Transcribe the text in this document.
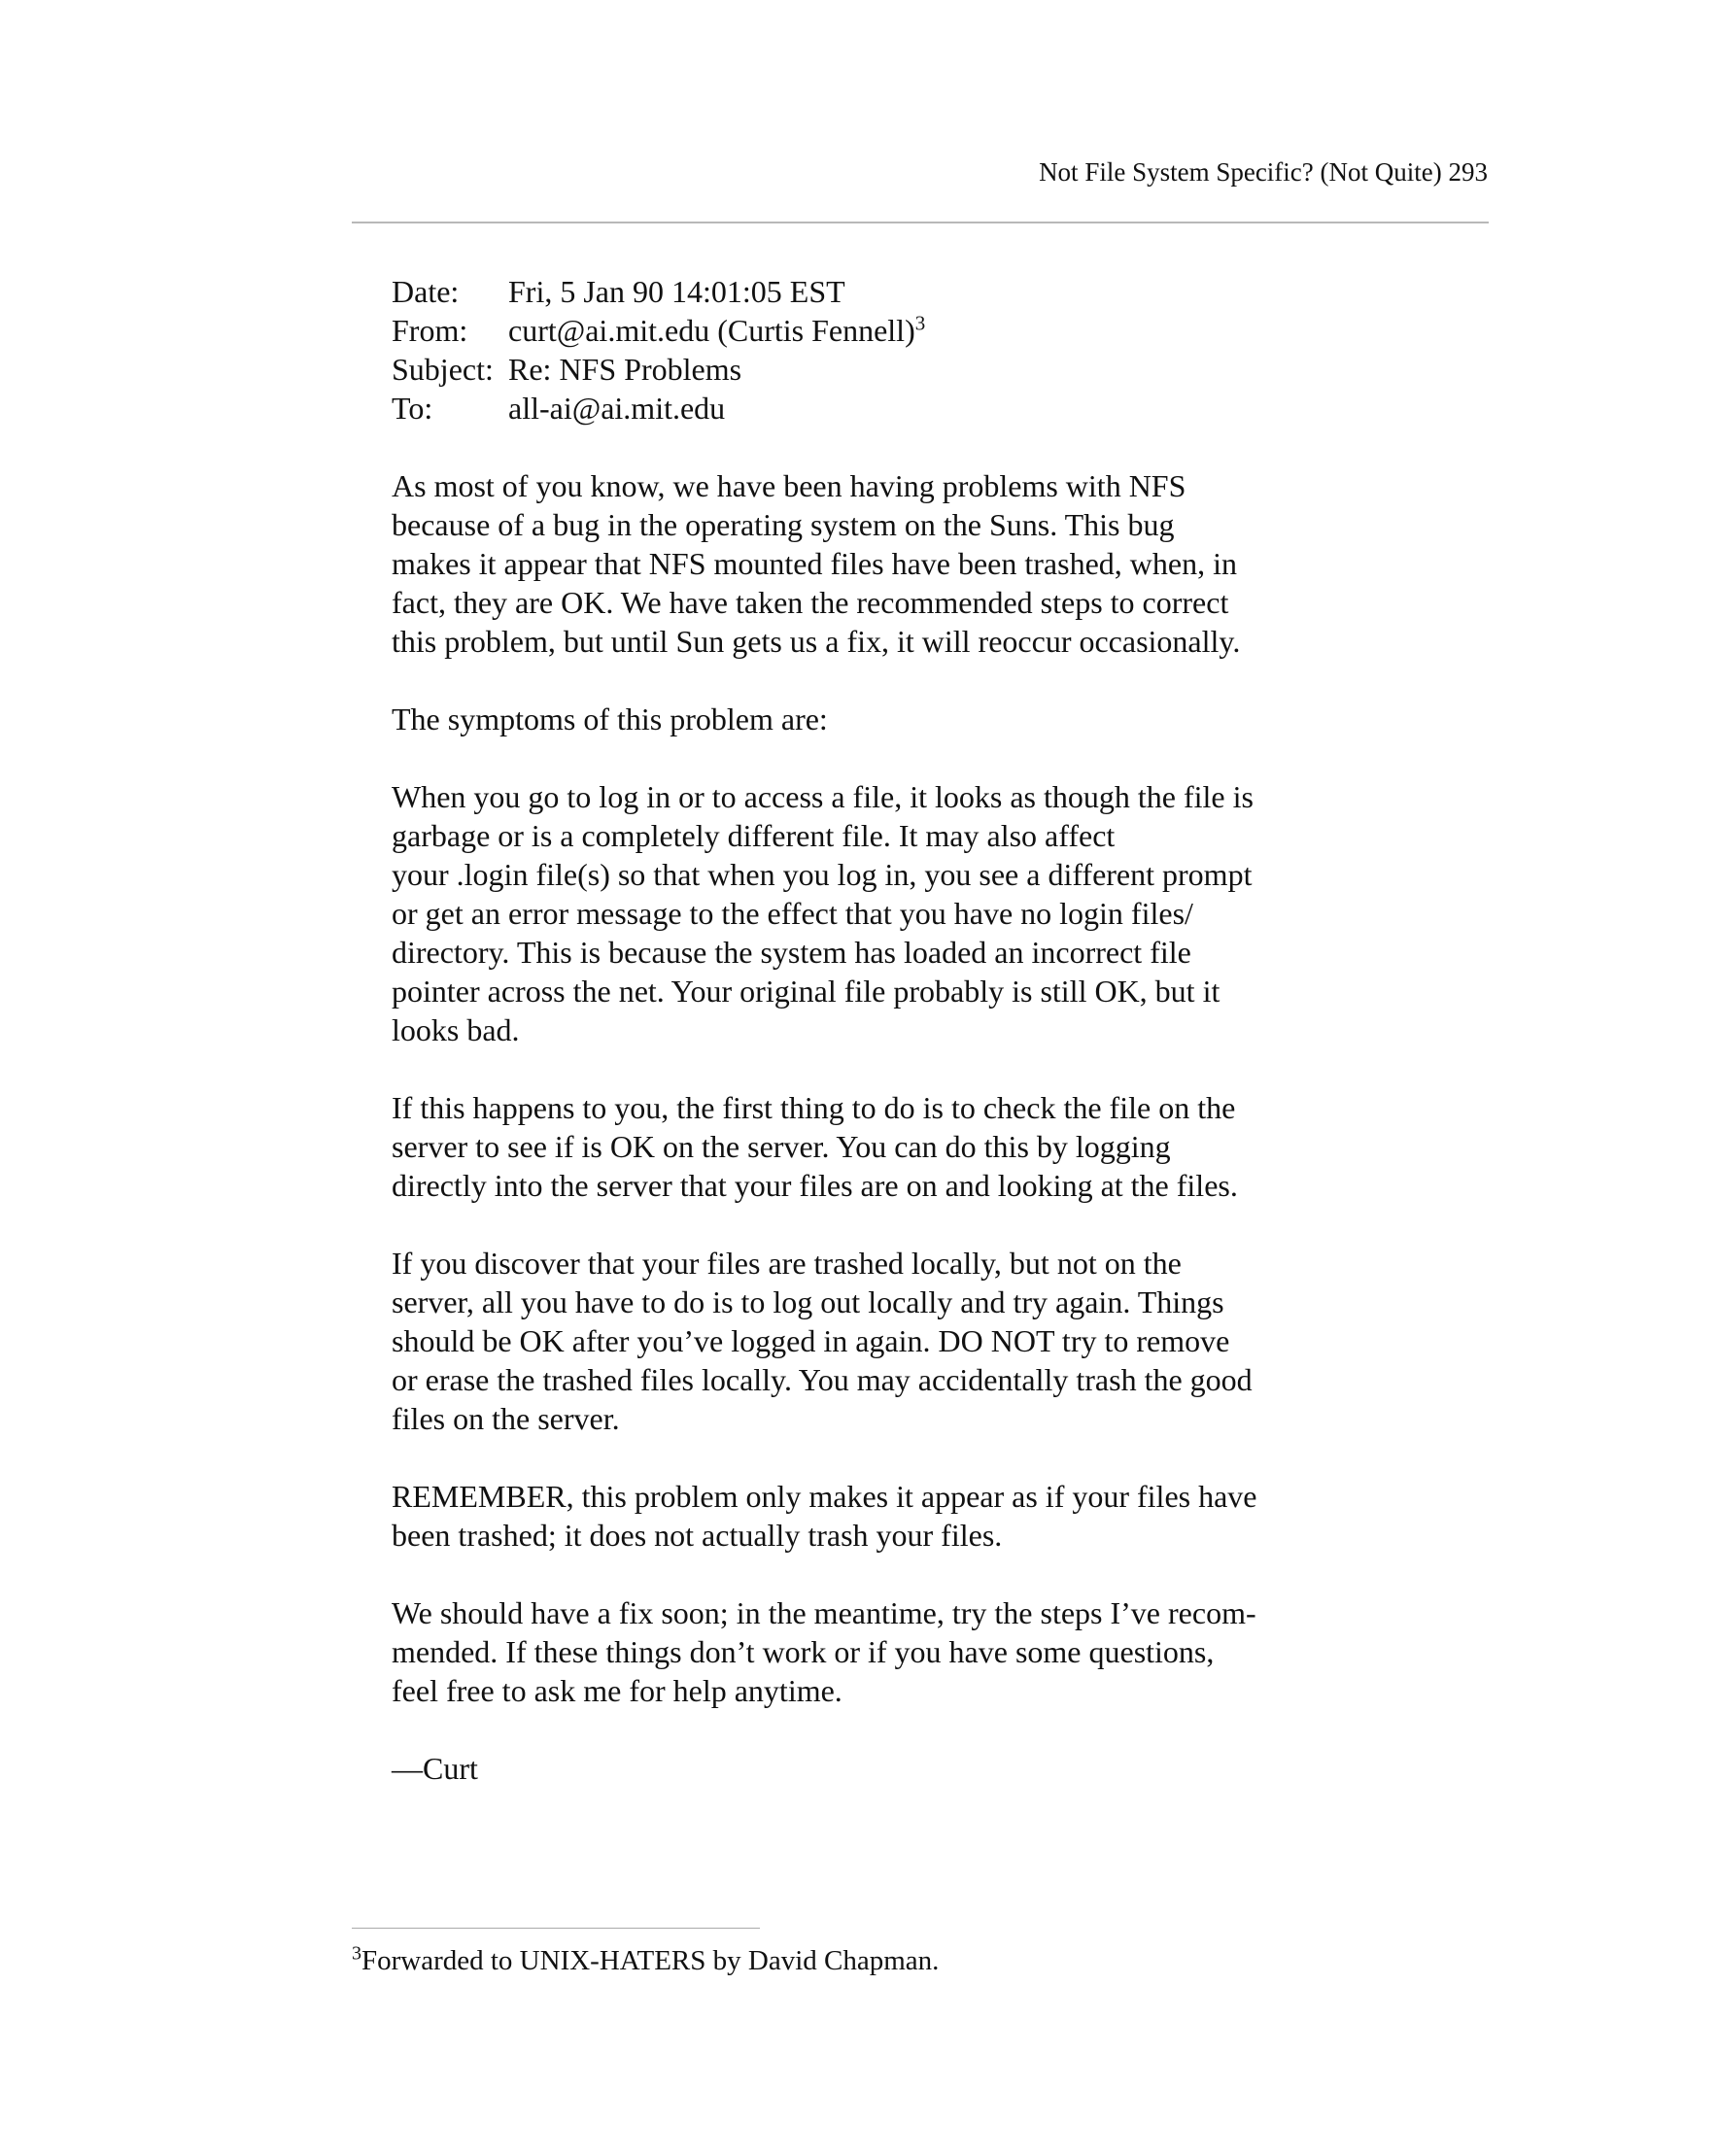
Not File System Specific? (Not Quite) 293
Date:	Fri, 5 Jan 90 14:01:05 EST
From:	curt@ai.mit.edu (Curtis Fennell)$^3$
Subject: Re: NFS Problems
To:	all-ai@ai.mit.edu

As most of you know, we have been having problems with NFS
because of a bug in the operating system on the Suns. This bug
makes it appear that NFS mounted files have been trashed, when, in
fact, they are OK. We have taken the recommended steps to correct
this problem, but until Sun gets us a fix, it will reoccur occasionally.

The symptoms of this problem are:

When you go to log in or to access a file, it looks as though the file is
garbage or is a completely different file. It may also affect
your .login file(s) so that when you log in, you see a different prompt
or get an error message to the effect that you have no login files/
directory. This is because the system has loaded an incorrect file
pointer across the net. Your original file probably is still OK, but it
looks bad.

If this happens to you, the first thing to do is to check the file on the
server to see if is OK on the server. You can do this by logging
directly into the server that your files are on and looking at the files.

If you discover that your files are trashed locally, but not on the
server, all you have to do is to log out locally and try again. Things
should be OK after you’ve logged in again. DO NOT try to remove
or erase the trashed files locally. You may accidentally trash the good
files on the server.

REMEMBER, this problem only makes it appear as if your files have
been trashed; it does not actually trash your files.

We should have a fix soon; in the meantime, try the steps I’ve recom-
mended. If these things don’t work or if you have some questions,
feel free to ask me for help anytime.

—Curt

$^3$Forwarded to UNIX-HATERS by David Chapman.
